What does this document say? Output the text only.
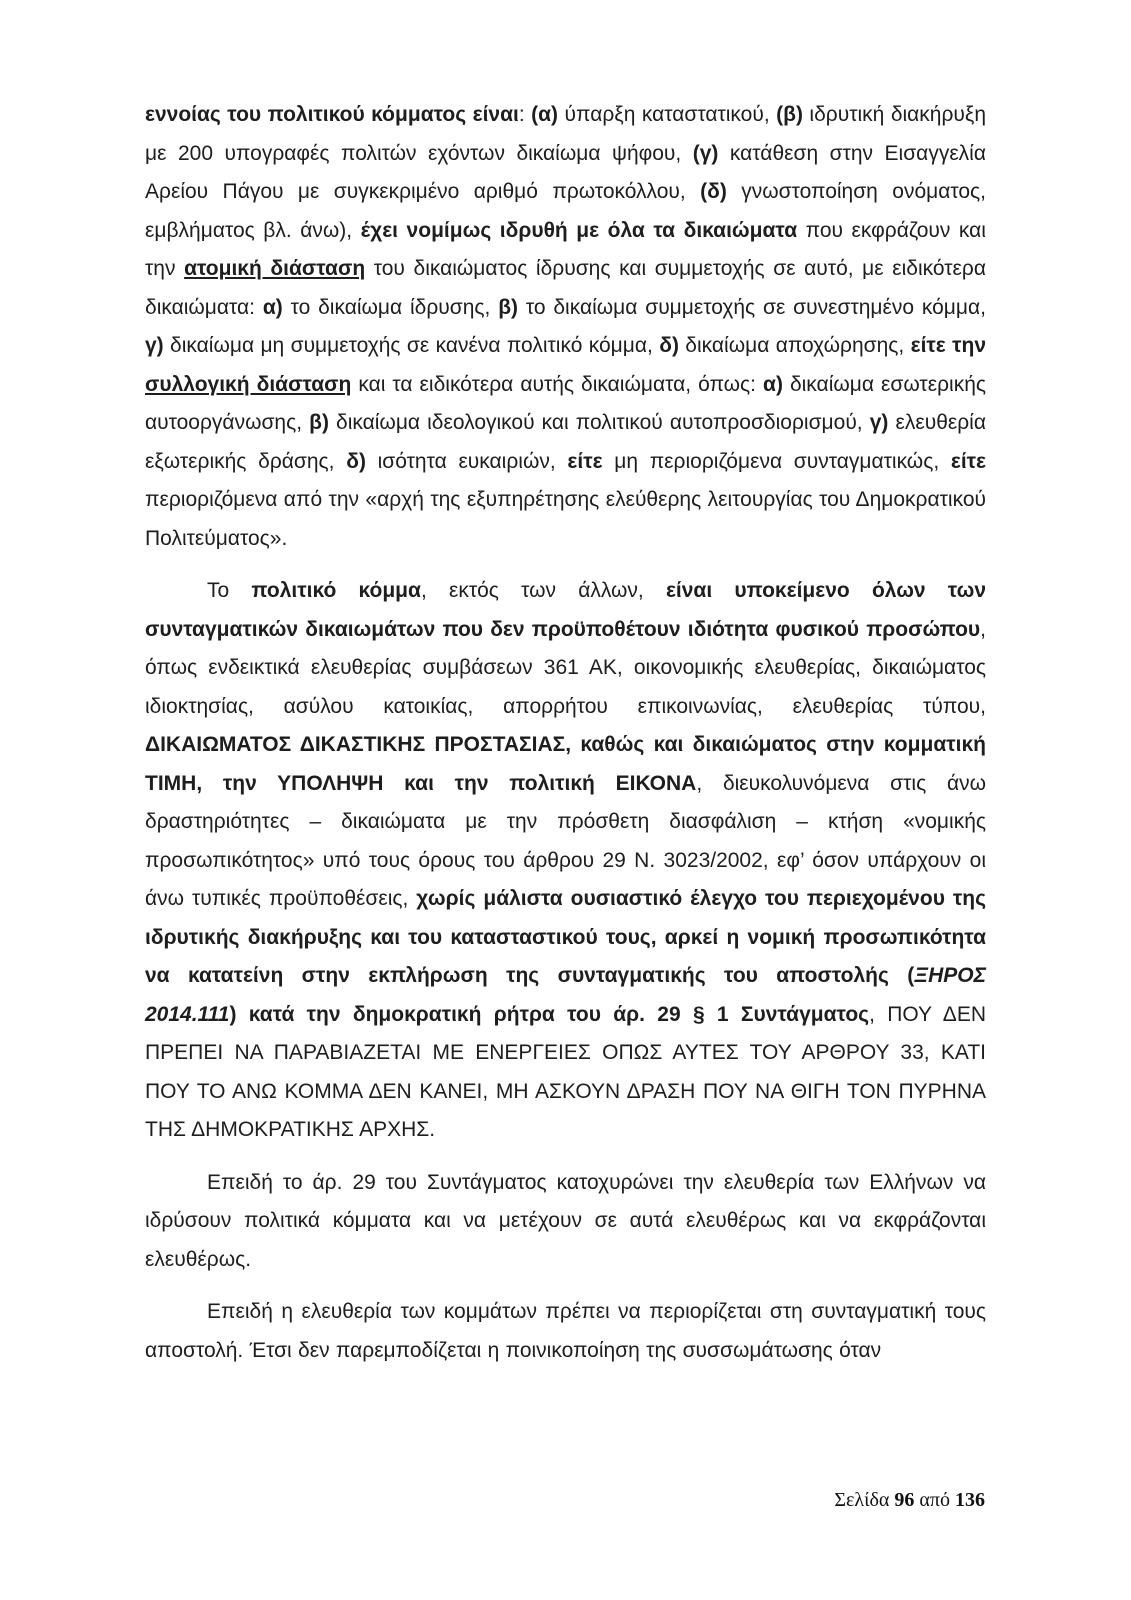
εννοίας του πολιτικού κόμματος είναι: (α) ύπαρξη καταστατικού, (β) ιδρυτική διακήρυξη με 200 υπογραφές πολιτών εχόντων δικαίωμα ψήφου, (γ) κατάθεση στην Εισαγγελία Αρείου Πάγου με συγκεκριμένο αριθμό πρωτοκόλλου, (δ) γνωστοποίηση ονόματος, εμβλήματος βλ. άνω), έχει νομίμως ιδρυθή με όλα τα δικαιώματα που εκφράζουν και την ατομική διάσταση του δικαιώματος ίδρυσης και συμμετοχής σε αυτό, με ειδικότερα δικαιώματα: α) το δικαίωμα ίδρυσης, β) το δικαίωμα συμμετοχής σε συνεστημένο κόμμα, γ) δικαίωμα μη συμμετοχής σε κανένα πολιτικό κόμμα, δ) δικαίωμα αποχώρησης, είτε την συλλογική διάσταση και τα ειδικότερα αυτής δικαιώματα, όπως: α) δικαίωμα εσωτερικής αυτοοργάνωσης, β) δικαίωμα ιδεολογικού και πολιτικού αυτοπροσδιορισμού, γ) ελευθερία εξωτερικής δράσης, δ) ισότητα ευκαιριών, είτε μη περιοριζόμενα συνταγματικώς, είτε περιοριζόμενα από την «αρχή της εξυπηρέτησης ελεύθερης λειτουργίας του Δημοκρατικού Πολιτεύματος».

Το πολιτικό κόμμα, εκτός των άλλων, είναι υποκείμενο όλων των συνταγματικών δικαιωμάτων που δεν προϋποθέτουν ιδιότητα φυσικού προσώπου, όπως ενδεικτικά ελευθερίας συμβάσεων 361 ΑΚ, οικονομικής ελευθερίας, δικαιώματος ιδιοκτησίας, ασύλου κατοικίας, απορρήτου επικοινωνίας, ελευθερίας τύπου, ΔΙΚΑΙΩΜΑΤΟΣ ΔΙΚΑΣΤΙΚΗΣ ΠΡΟΣΤΑΣΙΑΣ, καθώς και δικαιώματος στην κομματική ΤΙΜΗ, την ΥΠΟΛΗΨΗ και την πολιτική ΕΙΚΟΝΑ, διευκολυνόμενα στις άνω δραστηριότητες – δικαιώματα με την πρόσθετη διασφάλιση – κτήση «νομικής προσωπικότητος» υπό τους όρους του άρθρου 29 Ν. 3023/2002, εφ’ όσον υπάρχουν οι άνω τυπικές προϋποθέσεις, χωρίς μάλιστα ουσιαστικό έλεγχο του περιεχομένου της ιδρυτικής διακήρυξης και του κατασταστικού τους, αρκεί η νομική προσωπικότητα να κατατείνη στην εκπλήρωση της συνταγματικής του αποστολής (ΞΗΡΟΣ 2014.111) κατά την δημοκρατική ρήτρα του άρ. 29 § 1 Συντάγματος, ΠΟΥ ΔΕΝ ΠΡΕΠΕΙ ΝΑ ΠΑΡΑΒΙΑΖΕΤΑΙ ΜΕ ΕΝΕΡΓΕΙΕΣ ΟΠΩΣ ΑΥΤΕΣ ΤΟΥ ΑΡΘΡΟΥ 33, ΚΑΤΙ ΠΟΥ ΤΟ ΑΝΩ ΚΟΜΜΑ ΔΕΝ ΚΑΝΕΙ, ΜΗ ΑΣΚΟΥΝ ΔΡΑΣΗ ΠΟΥ ΝΑ ΘΙΓΗ ΤΟΝ ΠΥΡΗΝΑ ΤΗΣ ΔΗΜΟΚΡΑΤΙΚΗΣ ΑΡΧΗΣ.

Επειδή το άρ. 29 του Συντάγματος κατοχυρώνει την ελευθερία των Ελλήνων να ιδρύσουν πολιτικά κόμματα και να μετέχουν σε αυτά ελευθέρως και να εκφράζονται ελευθέρως.

Επειδή η ελευθερία των κομμάτων πρέπει να περιορίζεται στη συνταγματική τους αποστολή. Έτσι δεν παρεμποδίζεται η ποινικοποίηση της συσσωμάτωσης όταν

Σελίδα 96 από 136
